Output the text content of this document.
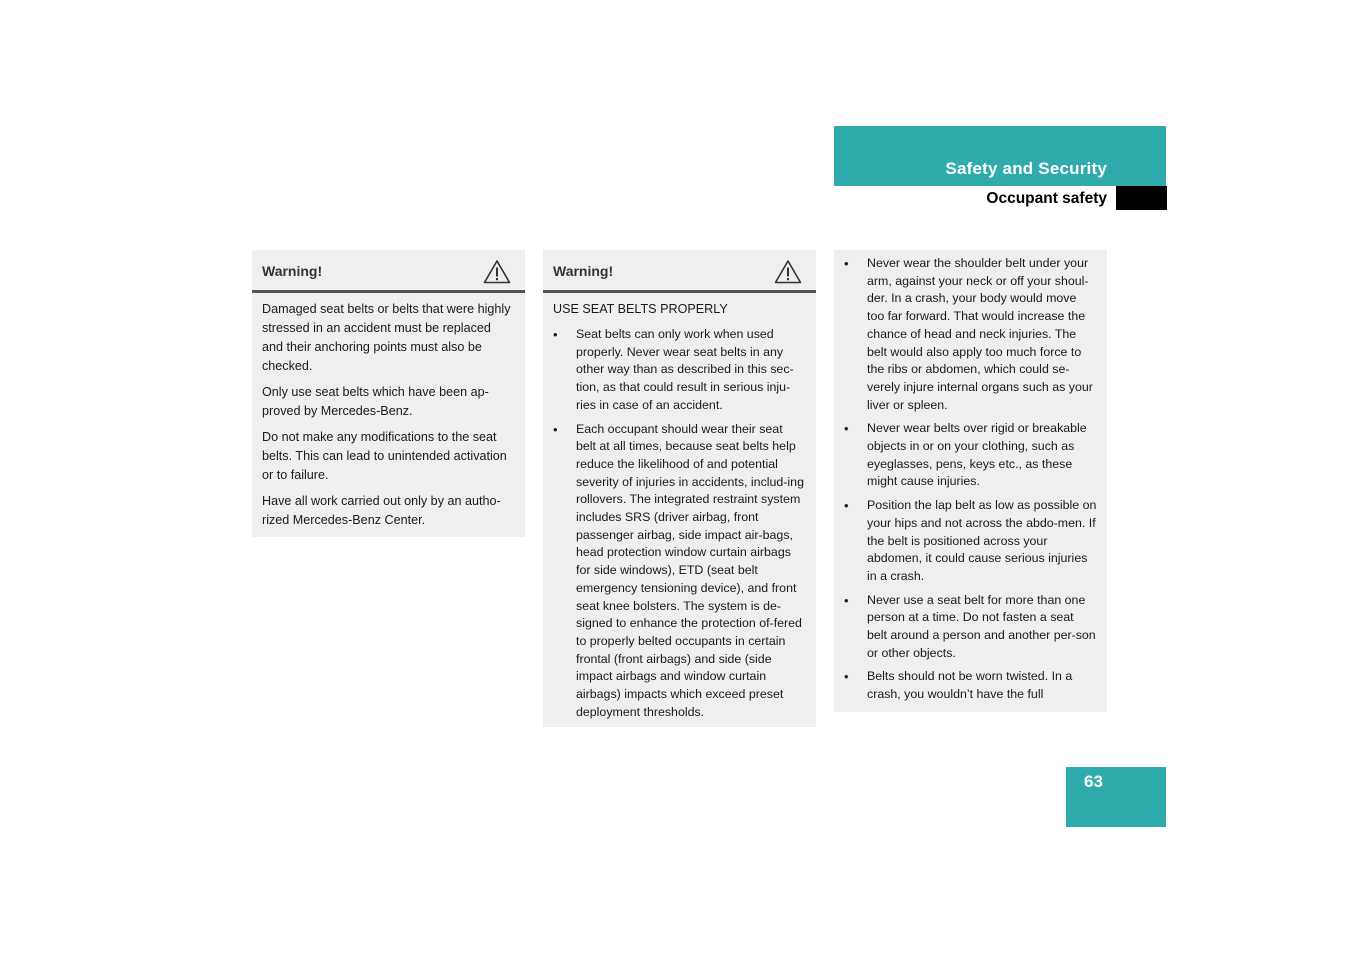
Safety and Security
Occupant safety
Warning!

Damaged seat belts or belts that were highly stressed in an accident must be replaced and their anchoring points must also be checked.

Only use seat belts which have been ap-proved by Mercedes-Benz.

Do not make any modifications to the seat belts. This can lead to unintended activation or to failure.

Have all work carried out only by an autho-rized Mercedes-Benz Center.

Warning!

USE SEAT BELTS PROPERLY

• Seat belts can only work when used properly. Never wear seat belts in any other way than as described in this sec-tion, as that could result in serious inju-ries in case of an accident.
• Each occupant should wear their seat belt at all times, because seat belts help reduce the likelihood of and potential severity of injuries in accidents, includ-ing rollovers. The integrated restraint system includes SRS (driver airbag, front passenger airbag, side impact air-bags, head protection window curtain airbags for side windows), ETD (seat belt emergency tensioning device), and front seat knee bolsters. The system is de-signed to enhance the protection of-fered to properly belted occupants in certain frontal (front airbags) and side (side impact airbags and window curtain airbags) impacts which exceed preset deployment thresholds.
• Never wear the shoulder belt under your arm, against your neck or off your shoul-der. In a crash, your body would move too far forward. That would increase the chance of head and neck injuries. The belt would also apply too much force to the ribs or abdomen, which could se-verely injure internal organs such as your liver or spleen.
• Never wear belts over rigid or breakable objects in or on your clothing, such as eyeglasses, pens, keys etc., as these might cause injuries.
• Position the lap belt as low as possible on your hips and not across the abdo-men. If the belt is positioned across your abdomen, it could cause serious injuries in a crash.
• Never use a seat belt for more than one person at a time. Do not fasten a seat belt around a person and another per-son or other objects.
• Belts should not be worn twisted. In a crash, you wouldn’t have the full
63
